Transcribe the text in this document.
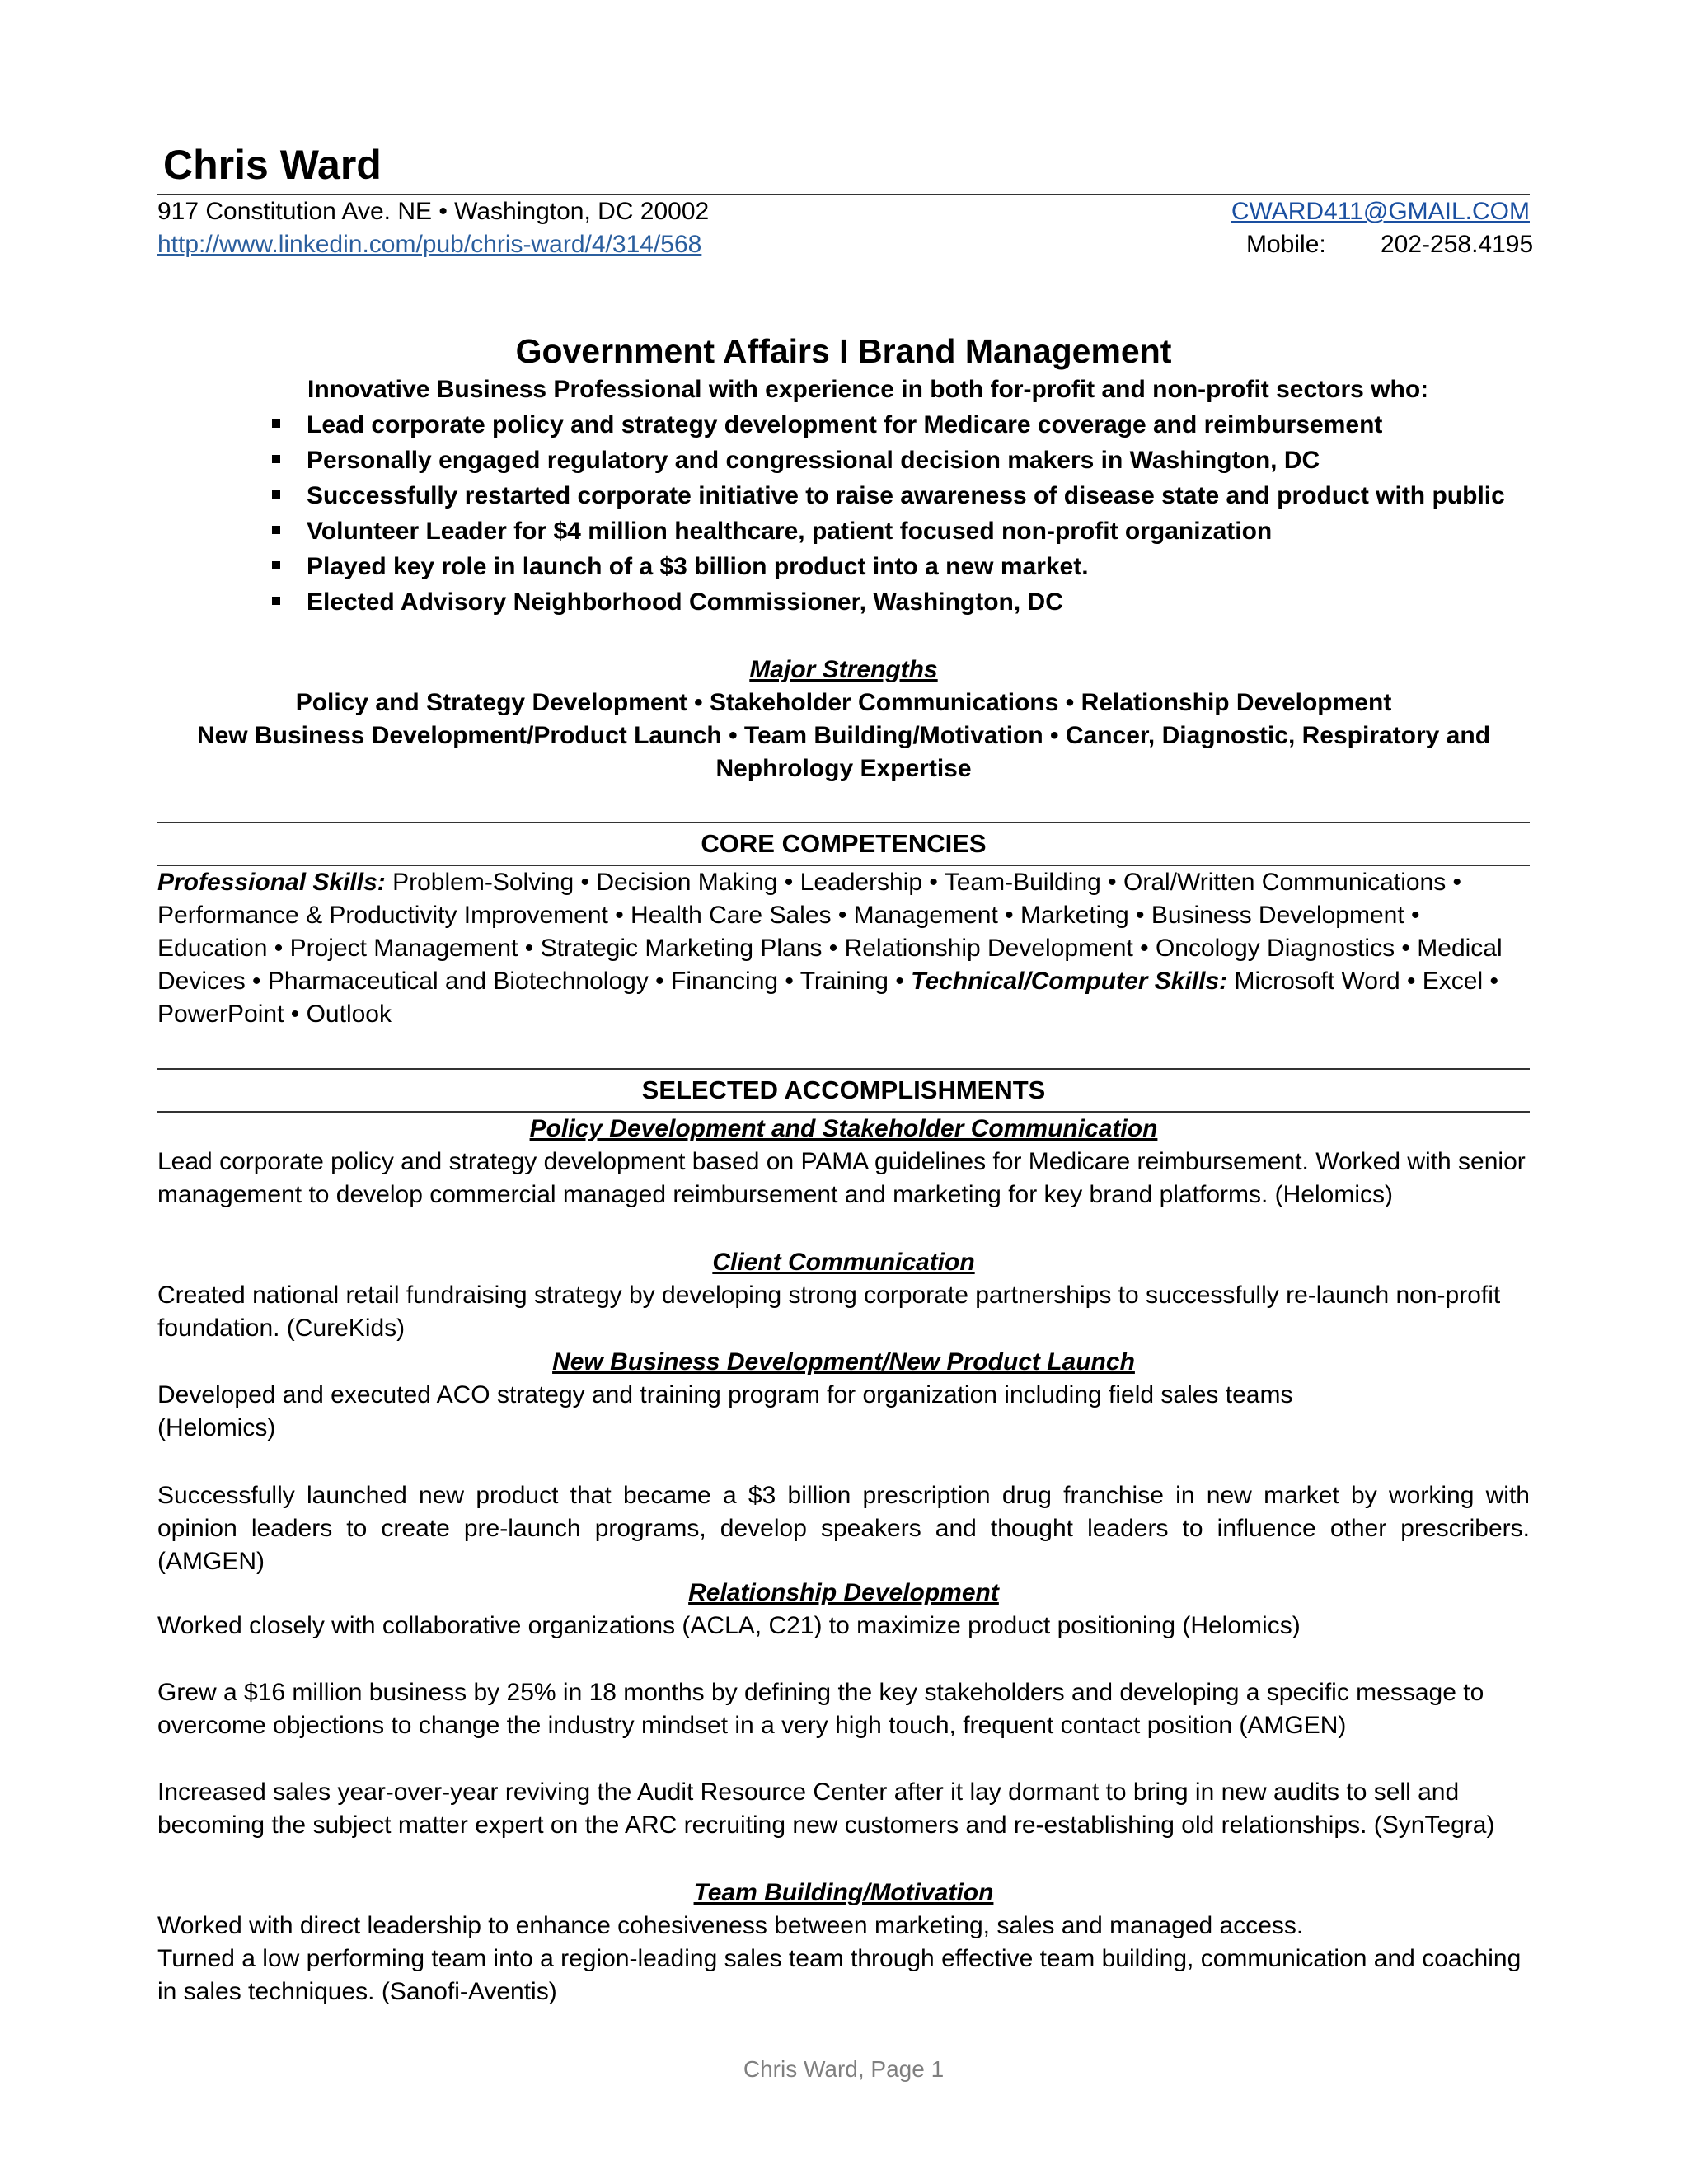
Chris Ward
917 Constitution Ave. NE • Washington, DC 20002
http://www.linkedin.com/pub/chris-ward/4/314/568
CWARD411@GMAIL.COM
Mobile: 202-258.4195
Government Affairs I Brand Management
Innovative Business Professional with experience in both for-profit and non-profit sectors who:
Lead corporate policy and strategy development for Medicare coverage and reimbursement
Personally engaged regulatory and congressional decision makers in Washington, DC
Successfully restarted corporate initiative to raise awareness of disease state and product with public
Volunteer Leader for $4 million healthcare, patient focused non-profit organization
Played key role in launch of a $3 billion product into a new market.
Elected Advisory Neighborhood Commissioner, Washington, DC
Major Strengths
Policy and Strategy Development • Stakeholder Communications • Relationship Development
New Business Development/Product Launch • Team Building/Motivation • Cancer, Diagnostic, Respiratory and
Nephrology Expertise
CORE COMPETENCIES
Professional Skills: Problem-Solving • Decision Making • Leadership • Team-Building • Oral/Written Communications • Performance & Productivity Improvement • Health Care Sales • Management • Marketing • Business Development • Education • Project Management • Strategic Marketing Plans • Relationship Development • Oncology Diagnostics • Medical Devices • Pharmaceutical and Biotechnology • Financing • Training • Technical/Computer Skills: Microsoft Word • Excel • PowerPoint • Outlook
SELECTED ACCOMPLISHMENTS
Policy Development and Stakeholder Communication
Lead corporate policy and strategy development based on PAMA guidelines for Medicare reimbursement. Worked with senior management to develop commercial managed reimbursement and marketing for key brand platforms. (Helomics)
Client Communication
Created national retail fundraising strategy by developing strong corporate partnerships to successfully re-launch non-profit foundation. (CureKids)
New Business Development/New Product Launch
Developed and executed ACO strategy and training program for organization including field sales teams
(Helomics)
Successfully launched new product that became a $3 billion prescription drug franchise in new market by working with opinion leaders to create pre-launch programs, develop speakers and thought leaders to influence other prescribers. (AMGEN)
Relationship Development
Worked closely with collaborative organizations (ACLA, C21) to maximize product positioning (Helomics)
Grew a $16 million business by 25% in 18 months by defining the key stakeholders and developing a specific message to overcome objections to change the industry mindset in a very high touch, frequent contact position (AMGEN)
Increased sales year-over-year reviving the Audit Resource Center after it lay dormant to bring in new audits to sell and becoming the subject matter expert on the ARC recruiting new customers and re-establishing old relationships. (SynTegra)
Team Building/Motivation
Worked with direct leadership to enhance cohesiveness between marketing, sales and managed access.
Turned a low performing team into a region-leading sales team through effective team building, communication and coaching in sales techniques. (Sanofi-Aventis)
Chris Ward, Page 1
